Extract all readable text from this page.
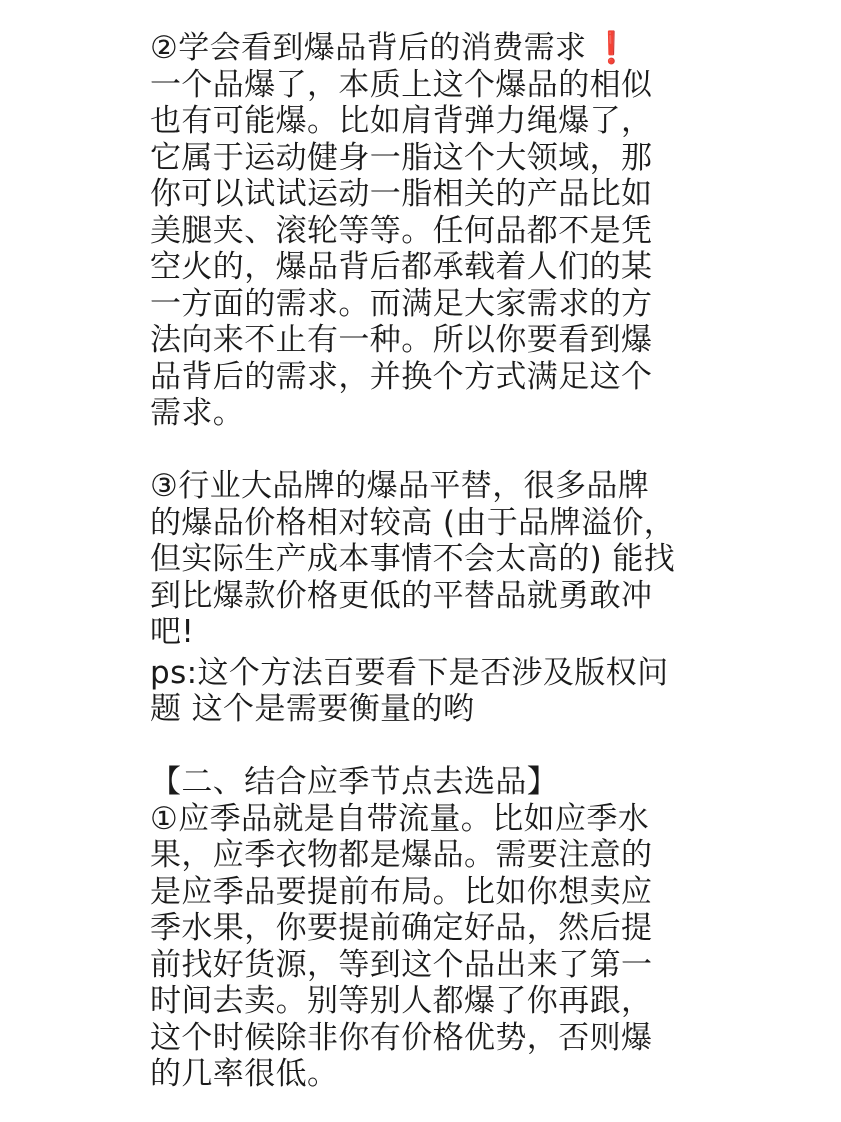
②学会看到爆品背后的消费需求 ❗
一个品爆了，本质上这个爆品的相似
也有可能爆。比如肩背弹力绳爆了，
它属于运动健身一脂这个大领域，那
你可以试试运动一脂相关的产品比如
美腿夹、滚轮等等。任何品都不是凭
空火的，爆品背后都承载着人们的某
一方面的需求。而满足大家需求的方
法向来不止有一种。所以你要看到爆
品背后的需求，并换个方式满足这个
需求。
③行业大品牌的爆品平替，很多品牌
的爆品价格相对较高 (由于品牌溢价，
但实际生产成本事情不会太高的) 能找
到比爆款价格更低的平替品就勇敢冲
吧!
ps:这个方法百要看下是否涉及版权问
题 这个是需要衡量的哟
【二、结合应季节点去选品】
①应季品就是自带流量。比如应季水
果，应季衣物都是爆品。需要注意的
是应季品要提前布局。比如你想卖应
季水果，你要提前确定好品，然后提
前找好货源，等到这个品出来了第一
时间去卖。别等别人都爆了你再跟，
这个时候除非你有价格优势，否则爆
的几率很低。
